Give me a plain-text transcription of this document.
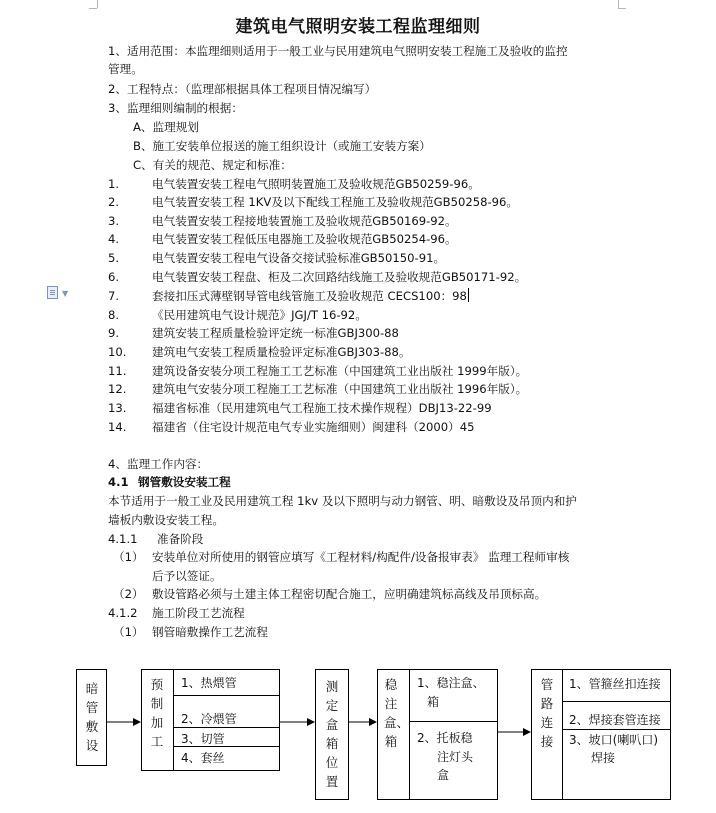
建筑电气照明安装工程监理细则
1、适用范围：本监理细则适用于一般工业与民用建筑电气照明安装工程施工及验收的监控
管理。
2、工程特点：（监理部根据具体工程项目情况编写）
3、监理细则编制的根据：
A、监理规划
B、施工安装单位报送的施工组织设计（或施工安装方案）
C、有关的规范、规定和标准：
1.	电气装置安装工程电气照明装置施工及验收规范GB50259-96。
2.	电气装置安装工程 1KV及以下配线工程施工及验收规范GB50258-96。
3.	电气装置安装工程接地装置施工及验收规范GB50169-92。
4.	电气装置安装工程低压电器施工及验收规范GB50254-96。
5.	电气装置安装工程电气设备交接试验标准GB50150-91。
6.	电气装置安装工程盘、柜及二次回路结线施工及验收规范GB50171-92。
7.	套接扣压式薄壁钢导管电线管施工及验收规范 CECS100：98
8.	《民用建筑电气设计规范》JGJ/T 16-92。
9.	建筑安装工程质量检验评定统一标准GBJ300-88
10. 建筑电气安装工程质量检验评定标准GBJ303-88。
11. 建筑设备安装分项工程施工工艺标准（中国建筑工业出版社 1999年版）。
12. 建筑电气安装分项工程施工工艺标准（中国建筑工业出版社 1996年版）。
13. 福建省标准（民用建筑电气工程施工技术操作规程）DBJ13-22-99
14. 福建省（住宅设计规范电气专业实施细则）闽建科（2000）45
▼
4、监理工作内容：
4.1 钢管敷设安装工程
本节适用于一般工业及民用建筑工程 1kv 及以下照明与动力钢管、明、暗敷设及吊顶内和护
墙板内敷设安装工程。
4.1.1 准备阶段
（1） 安装单位对所使用的钢管应填写《工程材料/构配件/设备报审表》 监理工程师审核
后予以签证。
（2） 敷设管路必须与土建主体工程密切配合施工，应明确建筑标高线及吊顶标高。
4.1.2 施工阶段工艺流程
（1） 钢管暗敷操作工艺流程
暗管敷设
预制加工
1、热煨管
2、冷煨管
3、切管
4、套丝
测定盒箱位置
稳注盒、箱
1、稳注盒、
箱
2、托板稳
注灯头
盒
管路连接
1、管箍丝扣连接
2、焊接套管连接
3、坡口(喇叭口)
焊接
